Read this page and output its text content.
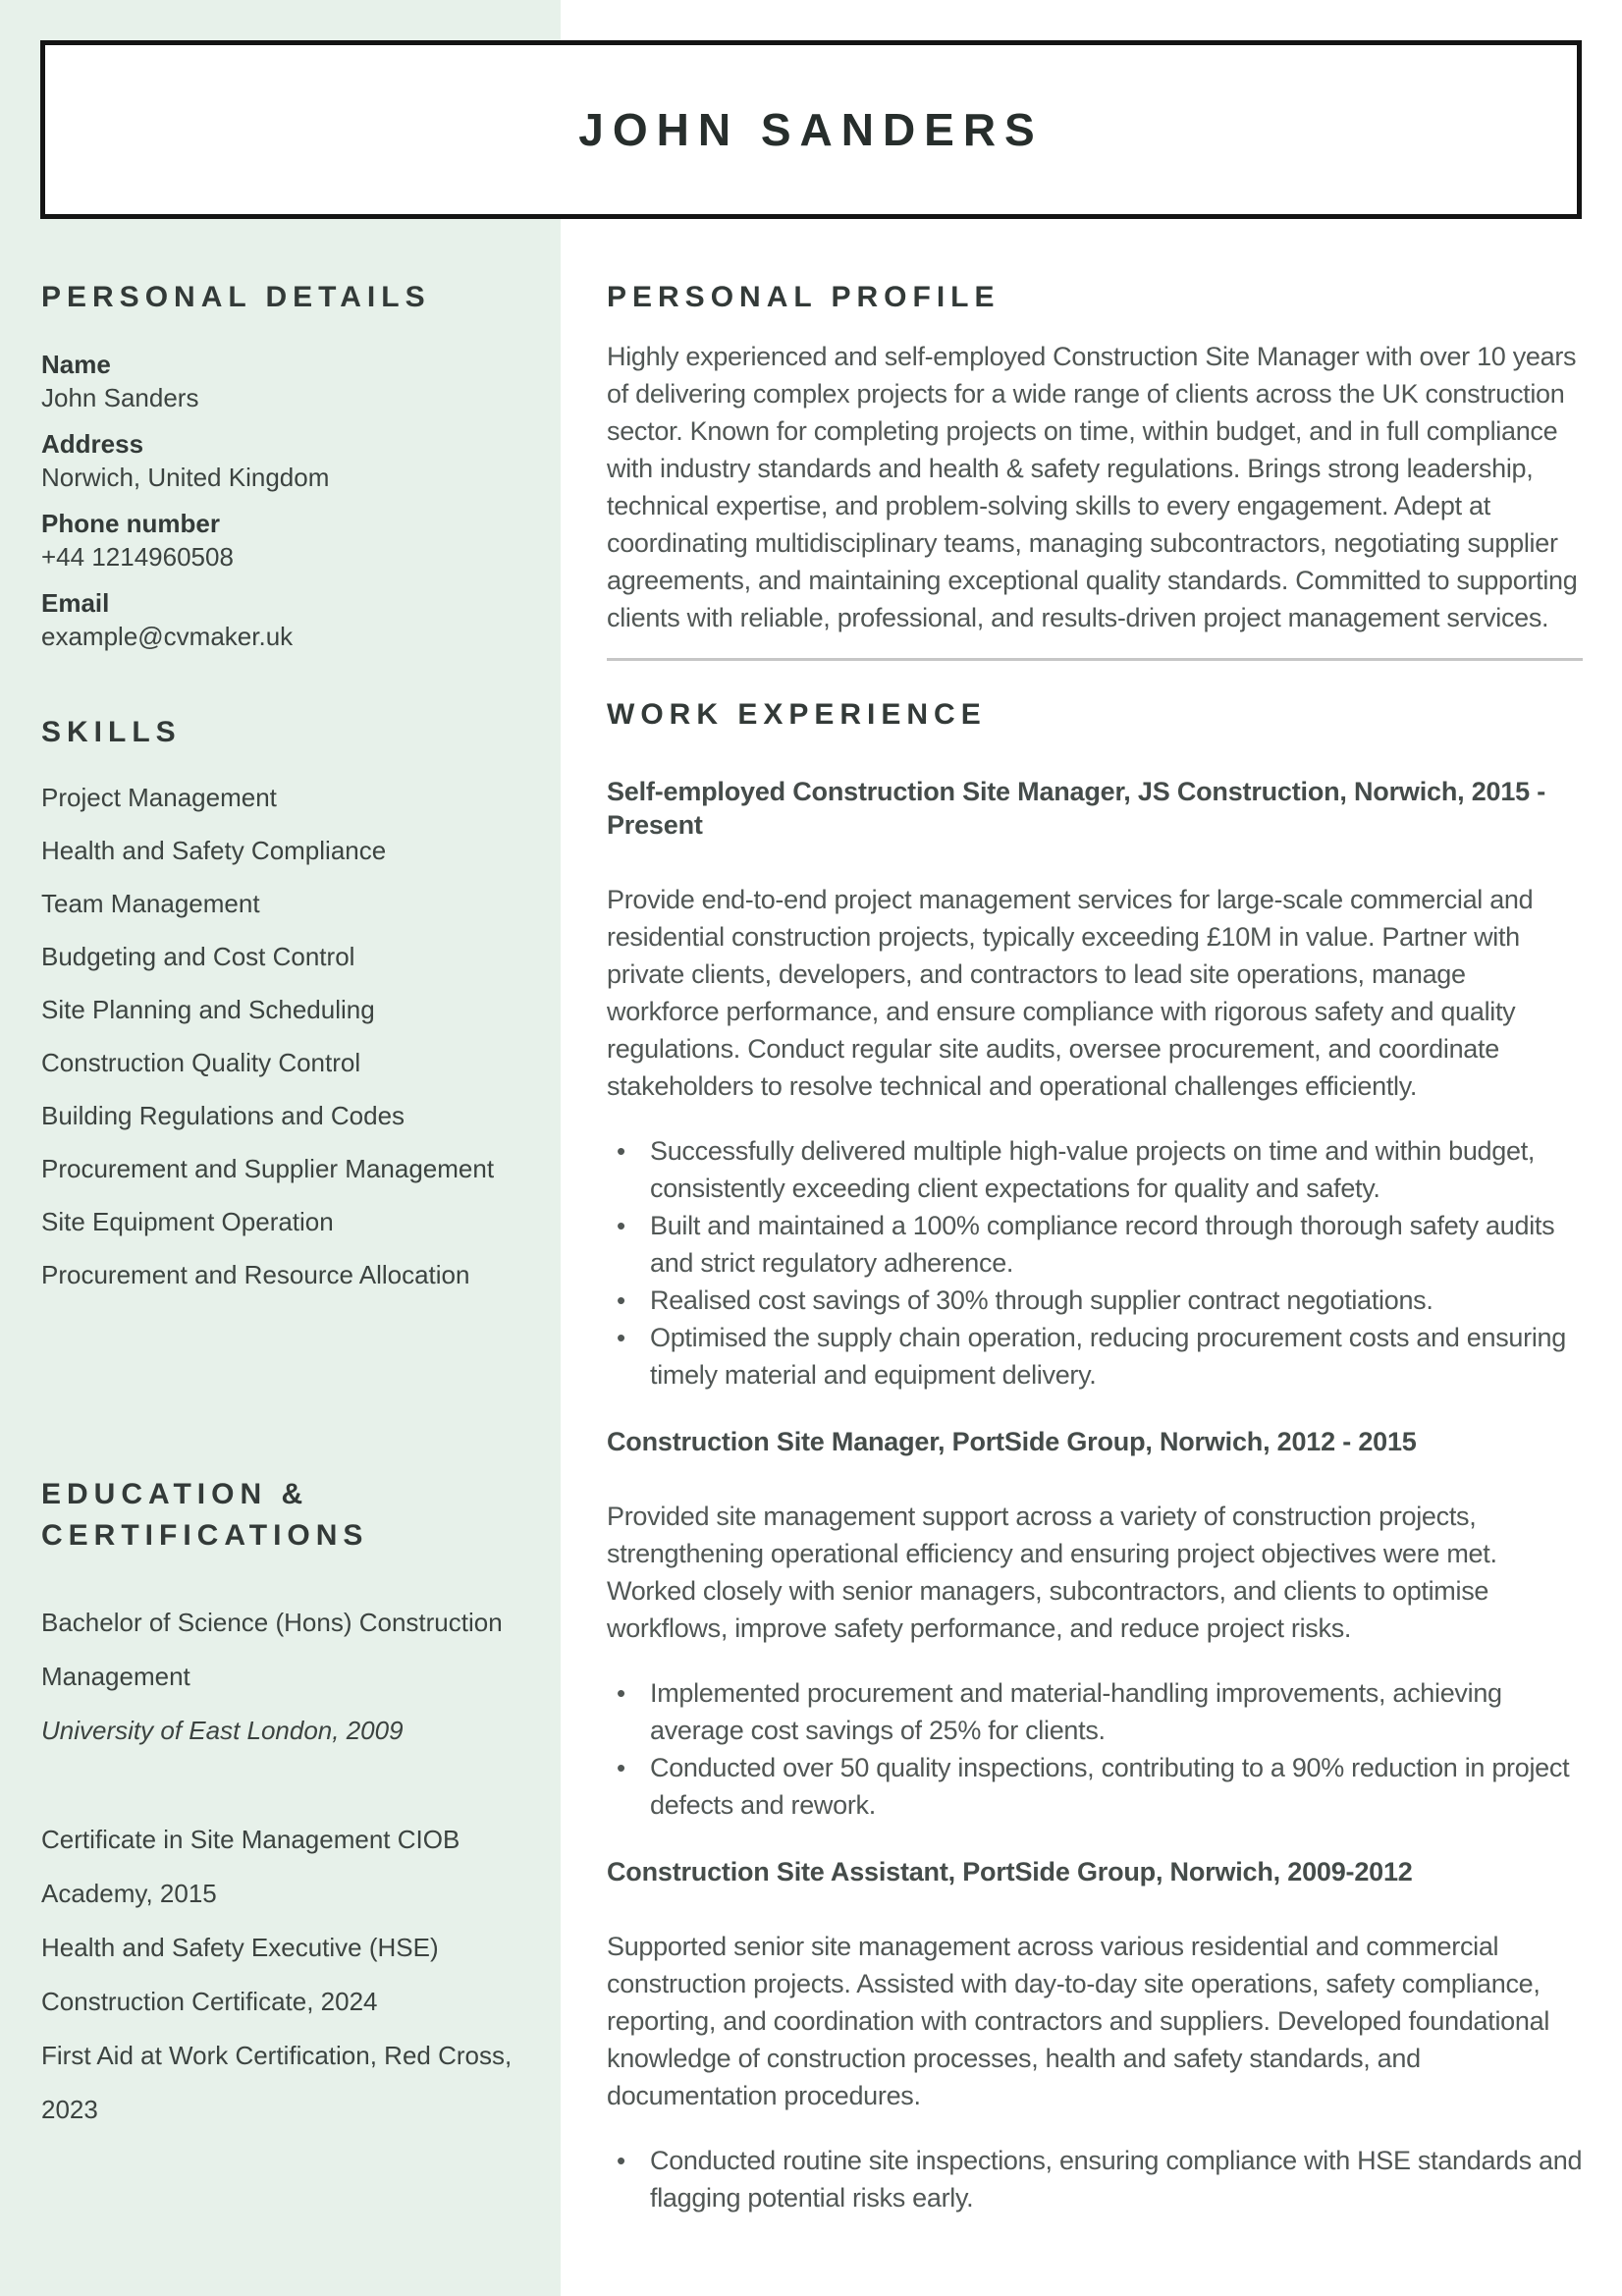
PERSONAL DETAILS
Name
John Sanders
Address
Norwich, United Kingdom
Phone number
+44 1214960508
Email
example@cvmaker.uk
SKILLS
Project Management
Health and Safety Compliance
Team Management
Budgeting and Cost Control
Site Planning and Scheduling
Construction Quality Control
Building Regulations and Codes
Procurement and Supplier Management
Site Equipment Operation
Procurement and Resource Allocation
EDUCATION & CERTIFICATIONS
Bachelor of Science (Hons) Construction Management
University of East London, 2009
Certificate in Site Management CIOB Academy, 2015
Health and Safety Executive (HSE) Construction Certificate, 2024
First Aid at Work Certification, Red Cross, 2023
JOHN SANDERS
PERSONAL PROFILE

Highly experienced and self-employed Construction Site Manager with over 10 years of delivering complex projects for a wide range of clients across the UK construction sector. Known for completing projects on time, within budget, and in full compliance with industry standards and health & safety regulations. Brings strong leadership, technical expertise, and problem-solving skills to every engagement. Adept at coordinating multidisciplinary teams, managing subcontractors, negotiating supplier agreements, and maintaining exceptional quality standards. Committed to supporting clients with reliable, professional, and results-driven project management services.

WORK EXPERIENCE
Self-employed Construction Site Manager, JS Construction, Norwich, 2015 - Present

Provide end-to-end project management services for large-scale commercial and residential construction projects, typically exceeding £10M in value. Partner with private clients, developers, and contractors to lead site operations, manage workforce performance, and ensure compliance with rigorous safety and quality regulations. Conduct regular site audits, oversee procurement, and coordinate stakeholders to resolve technical and operational challenges efficiently.

• Successfully delivered multiple high-value projects on time and within budget, consistently exceeding client expectations for quality and safety.
• Built and maintained a 100% compliance record through thorough safety audits and strict regulatory adherence.
• Realised cost savings of 30% through supplier contract negotiations.
• Optimised the supply chain operation, reducing procurement costs and ensuring timely material and equipment delivery.
Construction Site Manager, PortSide Group, Norwich, 2012 - 2015

Provided site management support across a variety of construction projects, strengthening operational efficiency and ensuring project objectives were met. Worked closely with senior managers, subcontractors, and clients to optimise workflows, improve safety performance, and reduce project risks.

• Implemented procurement and material-handling improvements, achieving average cost savings of 25% for clients.
• Conducted over 50 quality inspections, contributing to a 90% reduction in project defects and rework.
Construction Site Assistant, PortSide Group, Norwich, 2009-2012

Supported senior site management across various residential and commercial construction projects. Assisted with day-to-day site operations, safety compliance, reporting, and coordination with contractors and suppliers. Developed foundational knowledge of construction processes, health and safety standards, and documentation procedures.

• Conducted routine site inspections, ensuring compliance with HSE standards and flagging potential risks early.
